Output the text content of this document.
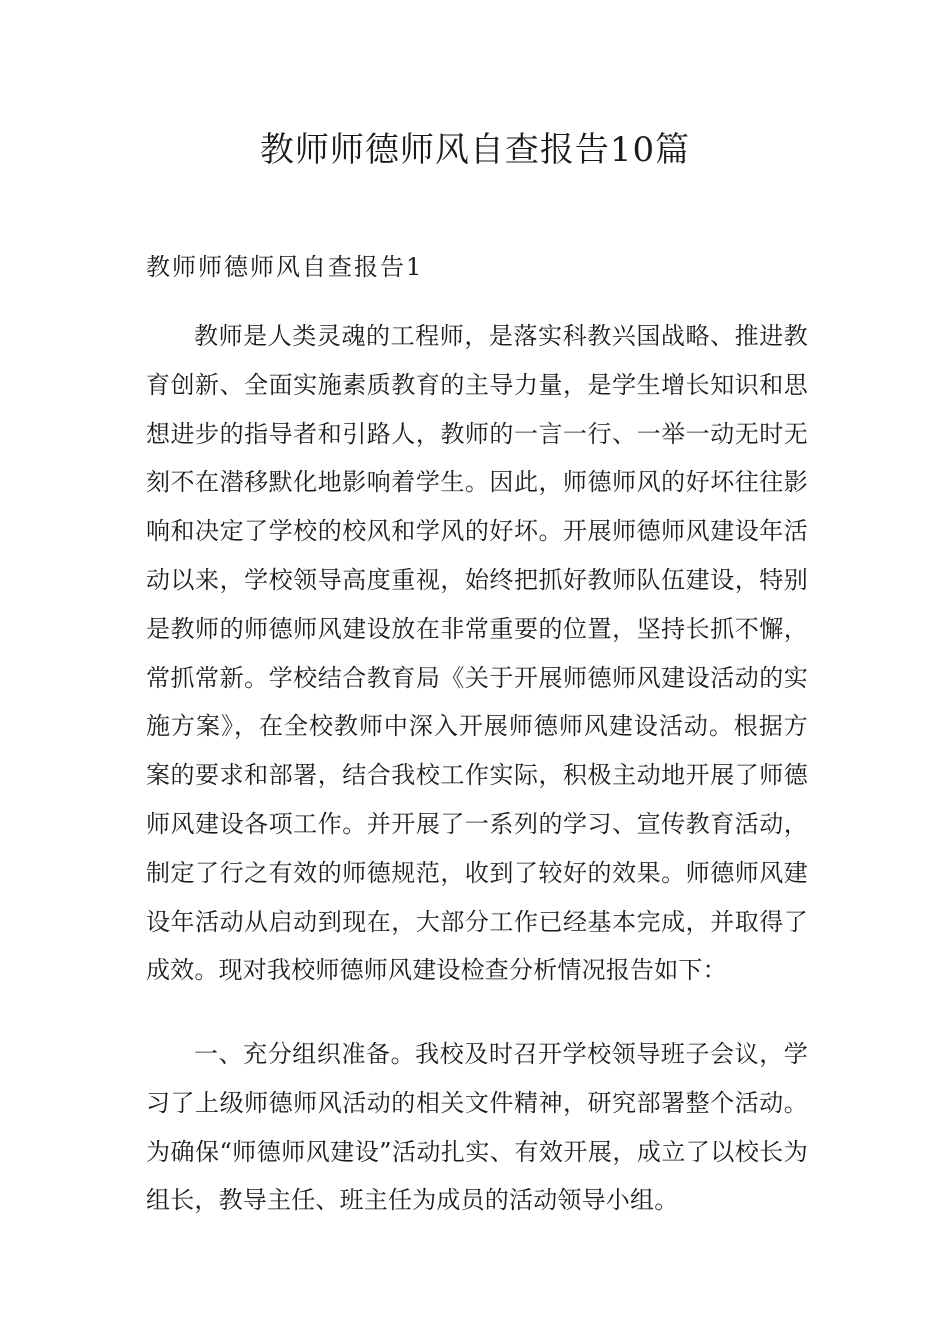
教师师德师风自查报告10篇
教师师德师风自查报告1

教师是人类灵魂的工程师，是落实科教兴国战略、推进教育创新、全面实施素质教育的主导力量，是学生增长知识和思想进步的指导者和引路人，教师的一言一行、一举一动无时无刻不在潜移默化地影响着学生。因此，师德师风的好坏往往影响和决定了学校的校风和学风的好坏。开展师德师风建设年活动以来，学校领导高度重视，始终把抓好教师队伍建设，特别是教师的师德师风建设放在非常重要的位置，坚持长抓不懈，常抓常新。学校结合教育局《关于开展师德师风建设活动的实施方案》，在全校教师中深入开展师德师风建设活动。根据方案的要求和部署，结合我校工作实际，积极主动地开展了师德师风建设各项工作。并开展了一系列的学习、宣传教育活动，制定了行之有效的师德规范，收到了较好的效果。师德师风建设年活动从启动到现在，大部分工作已经基本完成，并取得了成效。现对我校师德师风建设检查分析情况报告如下：

一、充分组织准备。我校及时召开学校领导班子会议，学习了上级师德师风活动的相关文件精神，研究部署整个活动。为确保“师德师风建设”活动扎实、有效开展，成立了以校长为组长，教导主任、班主任为成员的活动领导小组。
